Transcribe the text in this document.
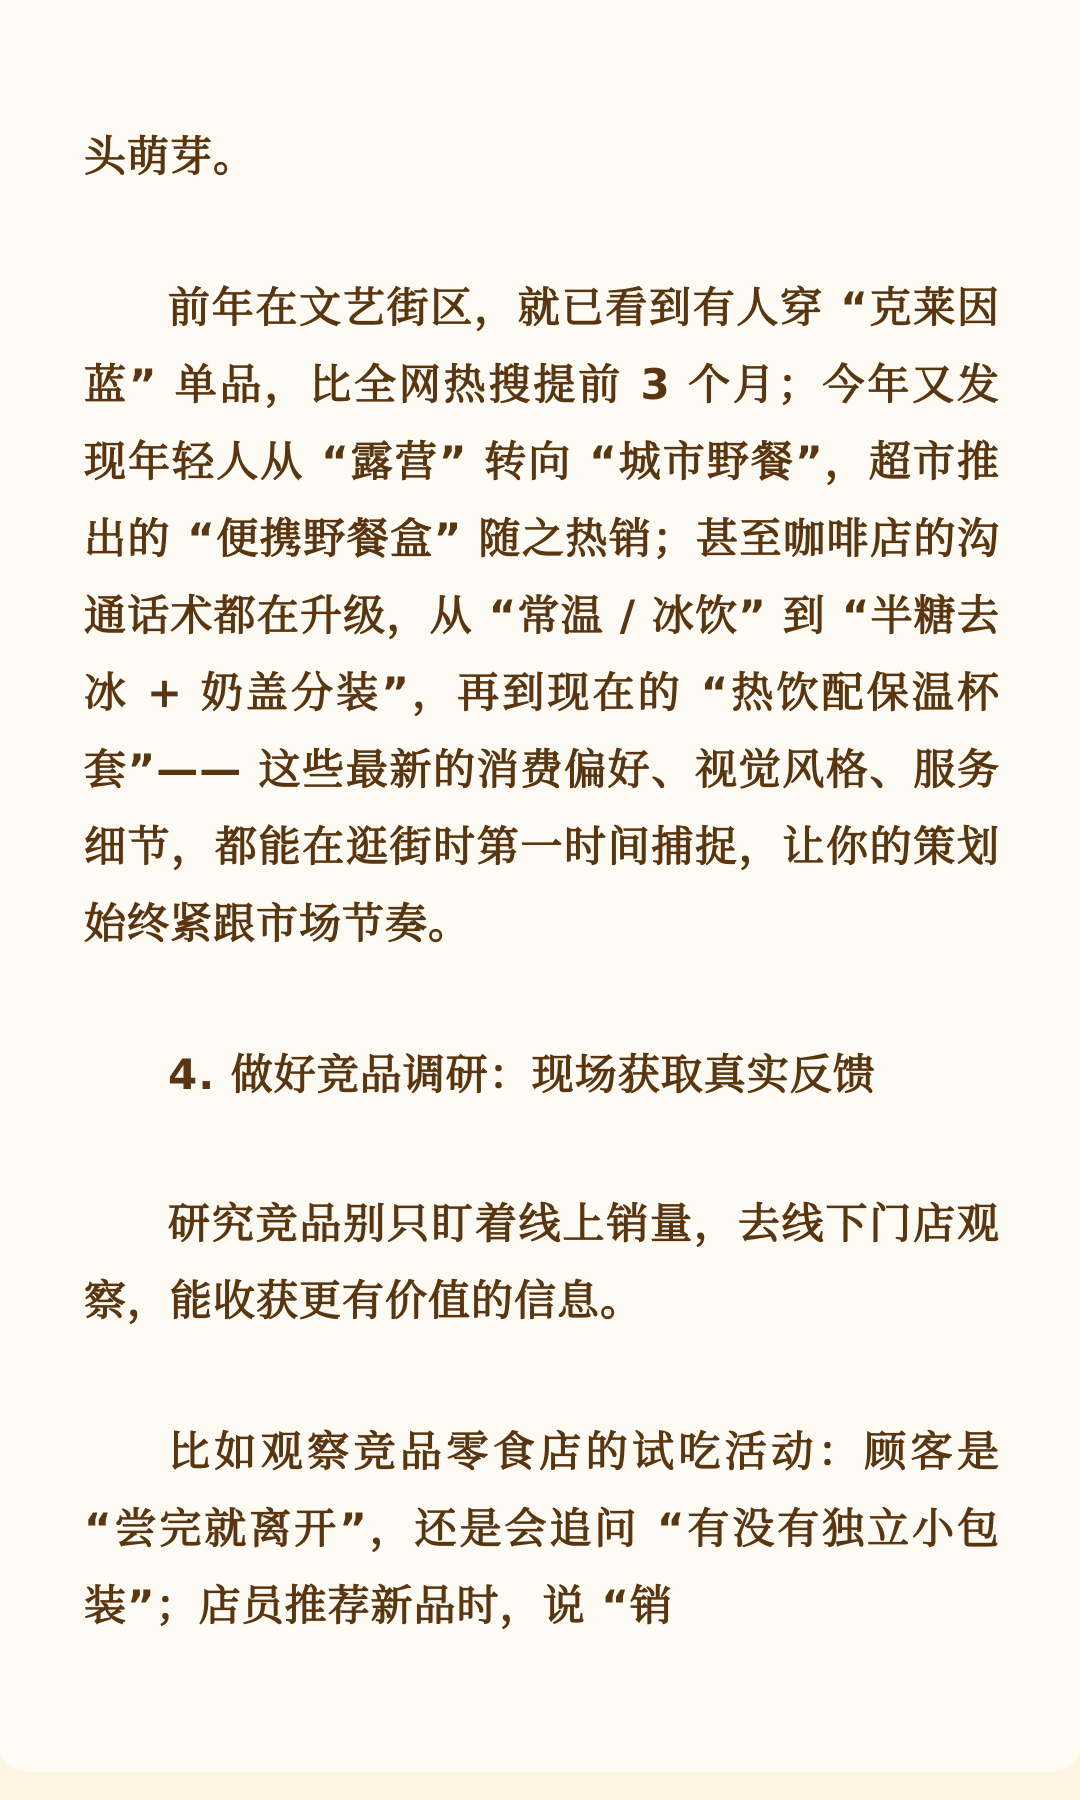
头萌芽。

前年在文艺街区，就已看到有人穿 “克莱因蓝” 单品，比全网热搜提前 3 个月；今年又发现年轻人从 “露营” 转向 “城市野餐”，超市推出的 “便携野餐盒” 随之热销；甚至咖啡店的沟通话术都在升级，从 “常温 / 冰饮” 到 “半糖去冰 + 奶盖分装”，再到现在的 “热饮配保温杯套”—— 这些最新的消费偏好、视觉风格、服务细节，都能在逛街时第一时间捕捉，让你的策划始终紧跟市场节奏。

4. 做好竞品调研：现场获取真实反馈

研究竞品别只盯着线上销量，去线下门店观察，能收获更有价值的信息。

比如观察竞品零食店的试吃活动：顾客是 “尝完就离开”，还是会追问 “有没有独立小包装”；店员推荐新品时，说 “销
